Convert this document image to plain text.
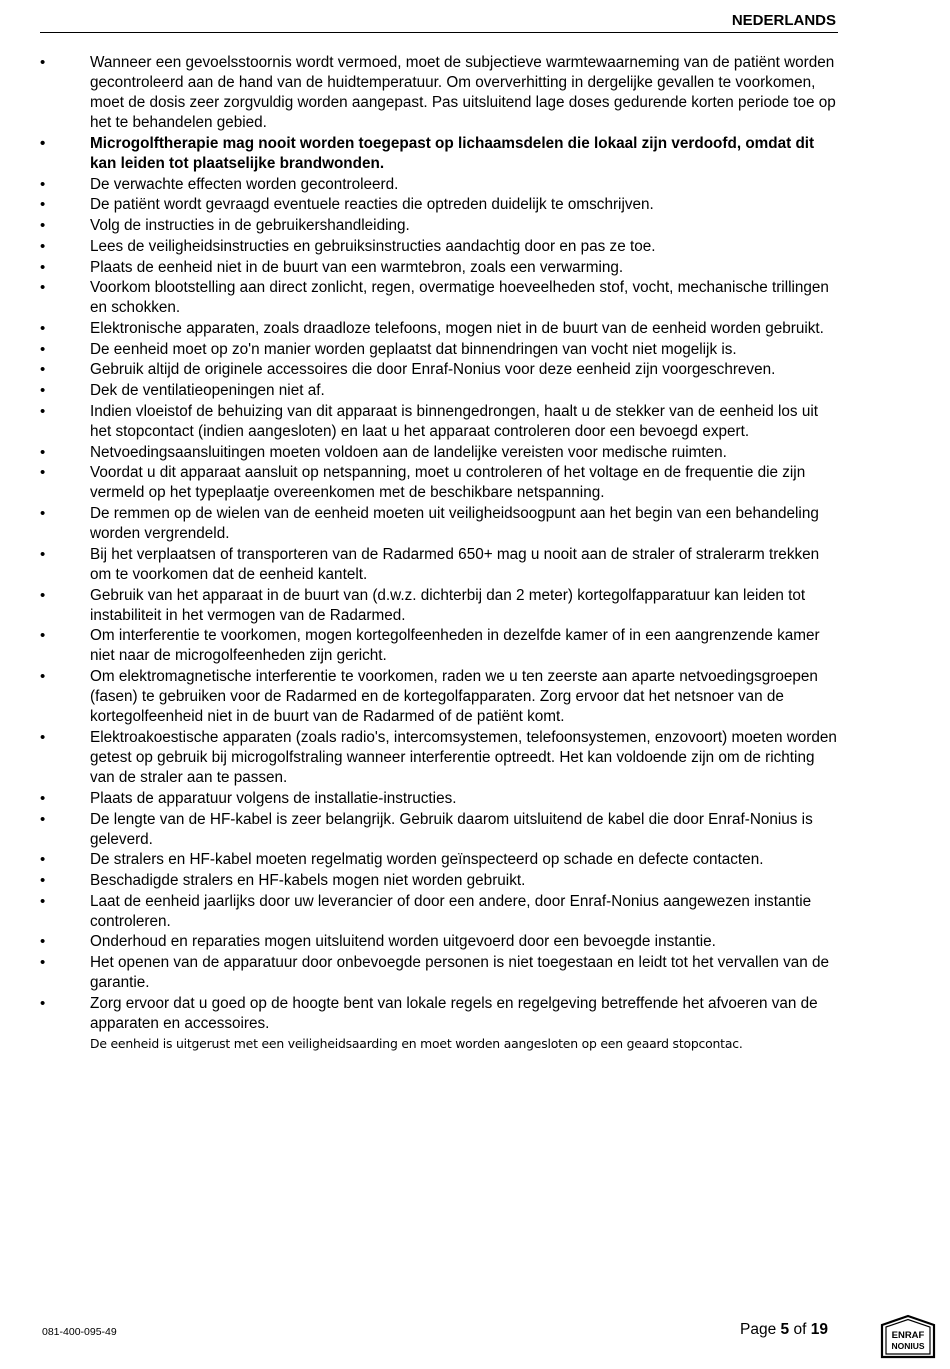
NEDERLANDS
•	Wanneer een gevoelsstoornis wordt vermoed, moet de subjectieve warmtewaarneming van de patiënt worden gecontroleerd aan de hand van de huidtemperatuur. Om oververhitting in dergelijke gevallen te voorkomen, moet de dosis zeer zorgvuldig worden aangepast. Pas uitsluitend lage doses gedurende korten periode toe op het te behandelen gebied.
•	Microgolftherapie mag nooit worden toegepast op lichaamsdelen die lokaal zijn verdoofd, omdat dit kan leiden tot plaatselijke brandwonden.
•	De verwachte effecten worden gecontroleerd.
•	De patiënt wordt gevraagd eventuele reacties die optreden duidelijk te omschrijven.
•	Volg de instructies in de gebruikershandleiding.
•	Lees de veiligheidsinstructies en gebruiksinstructies aandachtig door en pas ze toe.
•	Plaats de eenheid niet in de buurt van een warmtebron, zoals een verwarming.
•	Voorkom blootstelling aan direct zonlicht, regen, overmatige hoeveelheden stof, vocht, mechanische trillingen en schokken.
•	Elektronische apparaten, zoals draadloze telefoons, mogen niet in de buurt van de eenheid worden gebruikt.
•	De eenheid moet op zo'n manier worden geplaatst dat binnendringen van vocht niet mogelijk is.
•	Gebruik altijd de originele accessoires die door Enraf-Nonius voor deze eenheid zijn voorgeschreven.
•	Dek de ventilatieopeningen niet af.
•	Indien vloeistof de behuizing van dit apparaat is binnengedrongen, haalt u de stekker van de eenheid los uit het stopcontact (indien aangesloten) en laat u het apparaat controleren door een bevoegd expert.
•	Netvoedingsaansluitingen moeten voldoen aan de landelijke vereisten voor medische ruimten.
•	Voordat u dit apparaat aansluit op netspanning, moet u controleren of het voltage en de frequentie die zijn vermeld op het typeplaatje overeenkomen met de beschikbare netspanning.
•	De remmen op de wielen van de eenheid moeten uit veiligheidsoogpunt aan het begin van een behandeling worden vergrendeld.
•	Bij het verplaatsen of transporteren van de Radarmed 650+ mag u nooit aan de straler of stralerarm trekken om te voorkomen dat de eenheid kantelt.
•	Gebruik van het apparaat in de buurt van (d.w.z. dichterbij dan 2 meter) kortegolfapparatuur kan leiden tot instabiliteit in het vermogen van de Radarmed.
•	Om interferentie te voorkomen, mogen kortegolfeenheden in dezelfde kamer of in een aangrenzende kamer niet naar de microgolfeenheden zijn gericht.
•	Om elektromagnetische interferentie te voorkomen, raden we u ten zeerste aan aparte netvoedingsgroepen (fasen) te gebruiken voor de Radarmed en de kortegolfapparaten. Zorg ervoor dat het netsnoer van de kortegolfeenheid niet in de buurt van de Radarmed of de patiënt komt.
•	Elektroakoestische apparaten (zoals radio's, intercomsystemen, telefoonsystemen, enzovoort) moeten worden getest op gebruik bij microgolfstraling wanneer interferentie optreedt. Het kan voldoende zijn om de richting van de straler aan te passen.
•	Plaats de apparatuur volgens de installatie-instructies.
•	De lengte van de HF-kabel is zeer belangrijk. Gebruik daarom uitsluitend de kabel die door Enraf-Nonius is geleverd.
•	De stralers en HF-kabel moeten regelmatig worden geïnspecteerd op schade en defecte contacten.
•	Beschadigde stralers en HF-kabels mogen niet worden gebruikt.
•	Laat de eenheid jaarlijks door uw leverancier of door een andere, door Enraf-Nonius aangewezen instantie controleren.
•	Onderhoud en reparaties mogen uitsluitend worden uitgevoerd door een bevoegde instantie.
•	Het openen van de apparatuur door onbevoegde personen is niet toegestaan en leidt tot het vervallen van de garantie.
•	Zorg ervoor dat u goed op de hoogte bent van lokale regels en regelgeving betreffende het afvoeren van de apparaten en accessoires.
De eenheid is uitgerust met een veiligheidsaarding en moet worden aangesloten op een geaard stopcontac.
081-400-095-49	Page 5 of 19	ENRAF
NONIUS
